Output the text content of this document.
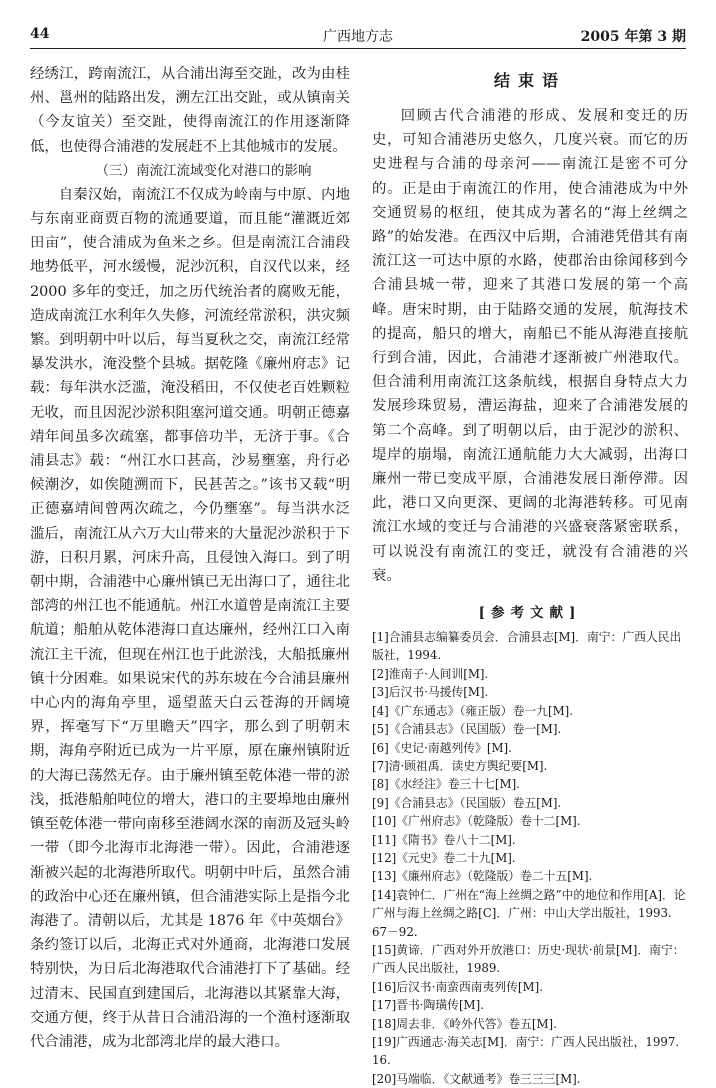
44	广西地方志	2005 年第 3 期

经绣江，跨南流江，从合浦出海至交趾，改为由桂州、邕州的陆路出发，溯左江出交趾，或从镇南关（今友谊关）至交趾，使得南流江的作用逐渐降低，也使得合浦港的发展赶不上其他城市的发展。

（三）南流江流域变化对港口的影响

自秦汉始，南流江不仅成为岭南与中原、内地与东南亚商贾百物的流通要道，而且能“灌溉近郊田亩”，使合浦成为鱼米之乡。但是南流江合浦段地势低平，河水缓慢，泥沙沉积，自汉代以来，经 2000 多年的变迁，加之历代统治者的腐败无能，造成南流江水利年久失修，河流经常淤积，洪灾频繁。到明朝中叶以后，每当夏秋之交，南流江经常暴发洪水，淹没整个县城。据乾隆《廉州府志》记载：每年洪水泛滥，淹没稻田，不仅使老百姓颗粒无收，而且因泥沙淤积阻塞河道交通。明朝正德嘉靖年间虽多次疏塞，都事倍功半，无济于事。《合浦县志》载：“州江水口甚高，沙易壅塞，舟行必候潮汐，如俟随溯而下，民甚苦之。”该书又载“明正德嘉靖间曾两次疏之，今仍壅塞”。每当洪水泛滥后，南流江从六万大山带来的大量泥沙淤积于下游，日积月累，河床升高，且侵蚀入海口。到了明朝中期，合浦港中心廉州镇已无出海口了，通往北部湾的州江也不能通航。州江水道曾是南流江主要航道；船舶从乾体港海口直达廉州，经州江口入南流江主干流，但现在州江也于此淤浅，大船抵廉州镇十分困难。如果说宋代的苏东坡在今合浦县廉州中心内的海角亭里，遥望蓝天白云苍海的开阔境界，挥毫写下“万里瞻天”四字，那么到了明朝末期，海角亭附近已成为一片平原，原在廉州镇附近的大海已荡然无存。由于廉州镇至乾体港一带的淤浅，抵港船舶吨位的增大，港口的主要埠地由廉州镇至乾体港一带向南移至港阔水深的南沥及冠头岭一带（即今北海市北海港一带）。因此，合浦港逐渐被兴起的北海港所取代。明朝中叶后，虽然合浦的政治中心还在廉州镇，但合浦港实际上是指今北海港了。清朝以后，尤其是 1876 年《中英烟台》条约签订以后，北海正式对外通商，北海港口发展特别快，为日后北海港取代合浦港打下了基础。经过清末、民国直到建国后，北海港以其紧靠大海，交通方便，终于从昔日合浦沿海的一个渔村逐渐取代合浦港，成为北部湾北岸的最大港口。

结束语

回顾古代合浦港的形成、发展和变迁的历史，可知合浦港历史悠久，几度兴衰。而它的历史进程与合浦的母亲河——南流江是密不可分的。正是由于南流江的作用，使合浦港成为中外交通贸易的枢纽，使其成为著名的“海上丝绸之路”的始发港。在西汉中后期，合浦港凭借其有南流江这一可达中原的水路，使郡治由徐闻移到今合浦县城一带，迎来了其港口发展的第一个高峰。唐宋时期，由于陆路交通的发展，航海技术的提高，船只的增大，南船已不能从海港直接航行到合浦，因此，合浦港才逐渐被广州港取代。但合浦利用南流江这条航线，根据自身特点大力发展珍珠贸易，漕运海盐，迎来了合浦港发展的第二个高峰。到了明朝以后，由于泥沙的淤积、堤岸的崩塌，南流江通航能力大大减弱，出海口廉州一带已变成平原，合浦港发展日渐停滞。因此，港口又向更深、更阔的北海港转移。可见南流江水域的变迁与合浦港的兴盛衰落紧密联系，可以说没有南流江的变迁，就没有合浦港的兴衰。

[参考文献]
[1]合浦县志编纂委员会．合浦县志[M]．南宁：广西人民出版社，1994.
[2]淮南子·人间训[M].
[3]后汉书·马援传[M].
[4]《广东通志》（雍正版）卷一九[M].
[5]《合浦县志》（民国版）卷一[M].
[6]《史记·南越列传》[M].
[7]清·顾祖禹．读史方舆纪要[M].
[8]《水经注》卷三十七[M].
[9]《合浦县志》（民国版）卷五[M].
[10]《广州府志》（乾隆版）卷十二[M].
[11]《隋书》卷八十二[M].
[12]《元史》卷二十九[M].
[13]《廉州府志》（乾隆版）卷二十五[M].
[14]袁钟仁．广州在“海上丝绸之路”中的地位和作用[A]．论广州与海上丝绸之路[C]．广州：中山大学出版社，1993. 67－92.
[15]黄谛．广西对外开放港口：历史·现状·前景[M]．南宁：广西人民出版社，1989.
[16]后汉书·南蛮西南夷列传[M].
[17]晋书·陶璜传[M].
[18]周去非．《岭外代答》卷五[M].
[19]广西通志·海关志[M]．南宁：广西人民出版社，1997. 16.
[20]马端临．《文献通考》卷三三三[M].
